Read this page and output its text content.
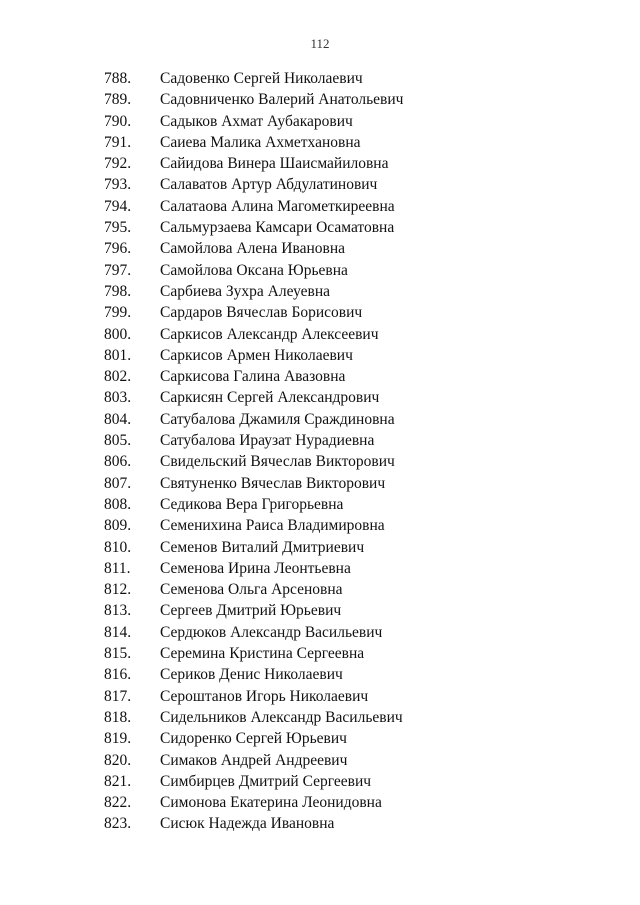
112
788. Садовенко Сергей Николаевич
789. Садовниченко Валерий Анатольевич
790. Садыков Ахмат Аубакарович
791. Саиева Малика Ахметхановна
792. Сайидова Винера Шаисмайиловна
793. Салаватов Артур Абдулатинович
794. Салатаова Алина Магометкиреевна
795. Сальмурзаева Камсари Осаматовна
796. Самойлова Алена Ивановна
797. Самойлова Оксана Юрьевна
798. Сарбиева Зухра Алеуевна
799. Сардаров Вячеслав Борисович
800. Саркисов Александр Алексеевич
801. Саркисов Армен Николаевич
802. Саркисова Галина Авазовна
803. Саркисян Сергей Александрович
804. Сатубалова Джамиля Сраждиновна
805. Сатубалова Ираузат Нурадиевна
806. Свидельский Вячеслав Викторович
807. Святуненко Вячеслав Викторович
808. Седикова Вера Григорьевна
809. Семенихина Раиса Владимировна
810. Семенов Виталий Дмитриевич
811. Семенова Ирина Леонтьевна
812. Семенова Ольга Арсеновна
813. Сергеев Дмитрий Юрьевич
814. Сердюков Александр Васильевич
815. Серемина Кристина Сергеевна
816. Сериков Денис Николаевич
817. Сероштанов Игорь Николаевич
818. Сидельников Александр Васильевич
819. Сидоренко Сергей Юрьевич
820. Симаков Андрей Андреевич
821. Симбирцев Дмитрий Сергеевич
822. Симонова Екатерина Леонидовна
823. Сисюк Надежда Ивановна
